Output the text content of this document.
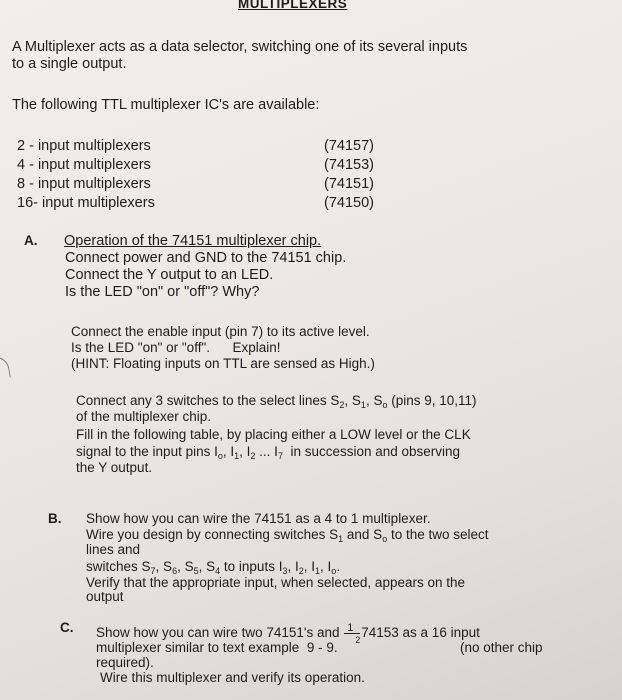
MULTIPLEXERS
A Multiplexer acts as a data selector, switching one of its several inputs
to a single output.
The following TTL multiplexer IC's are available:
2 - input multiplexers	(74157)
4 - input multiplexers	(74153)
8 - input multiplexers	(74151)
16- input multiplexers	(74150)
A. Operation of the 74151 multiplexer chip.
Connect power and GND to the 74151 chip.
Connect the Y output to an LED.
Is the LED "on" or "off"? Why?
Connect the enable input (pin 7) to its active level.
Is the LED "on" or "off". Explain!
(HINT: Floating inputs on TTL are sensed as High.)
Connect any 3 switches to the select lines $S_2$, $S_1$, $S_o$ (pins 9, 10,11)
of the multiplexer chip.
Fill in the following table, by placing either a LOW level or the CLK
signal to the input pins $I_o$, $I_1$, $I_2$ ... $I_7$ in succession and observing
the Y output.
B. Show how you can wire the 74151 as a 4 to 1 multiplexer.
Wire you design by connecting switches $S_1$ and $S_o$ to the two select
lines and
switches $S_7$, $S_6$, $S_5$, $S_4$ to inputs $I_3$, $I_2$, $I_1$, $I_o$.
Verify that the appropriate input, when selected, appears on the
output
C. Show how you can wire two 74151's and 1
2
74153 as a 16 input
multiplexer similar to text example 9 - 9.	(no other chip
required).
Wire this multiplexer and verify its operation.
